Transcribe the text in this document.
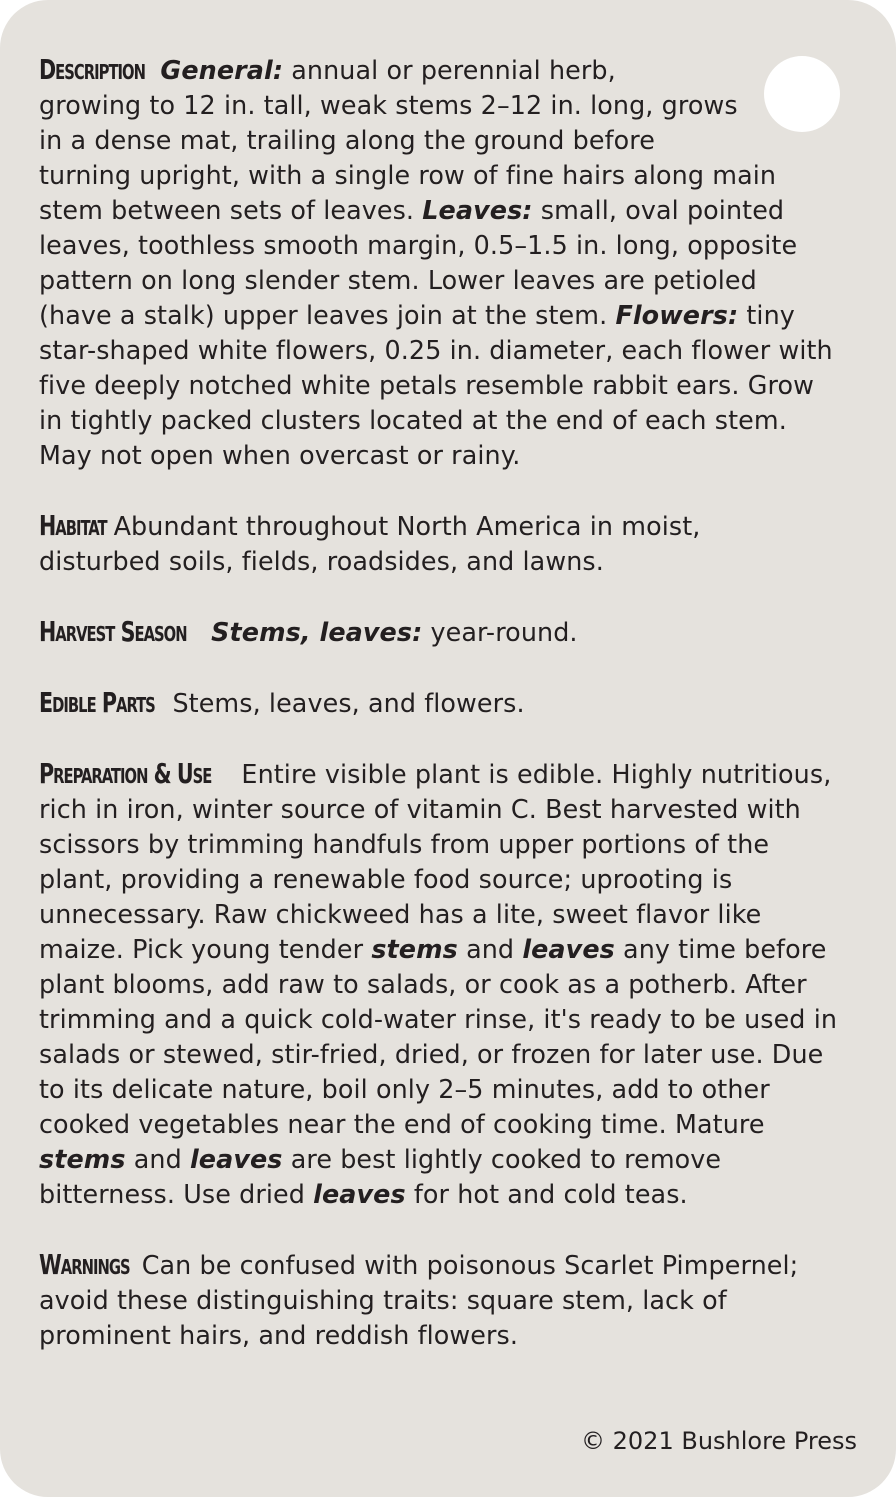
Description General: annual or perennial herb,
growing to 12 in. tall, weak stems 2–12 in. long, grows
in a dense mat, trailing along the ground before
turning upright, with a single row of fine hairs along main
stem between sets of leaves. Leaves: small, oval pointed
leaves, toothless smooth margin, 0.5–1.5 in. long, opposite
pattern on long slender stem. Lower leaves are petioled
(have a stalk) upper leaves join at the stem. Flowers: tiny
star-shaped white flowers, 0.25 in. diameter, each flower with
five deeply notched white petals resemble rabbit ears. Grow
in tightly packed clusters located at the end of each stem.
May not open when overcast or rainy.
Habitat Abundant throughout North America in moist,
disturbed soils, fields, roadsides, and lawns.
Harvest Season Stems, leaves: year-round.
Edible Parts Stems, leaves, and flowers.
Preparation & Use Entire visible plant is edible. Highly nutritious,
rich in iron, winter source of vitamin C. Best harvested with
scissors by trimming handfuls from upper portions of the
plant, providing a renewable food source; uprooting is
unnecessary. Raw chickweed has a lite, sweet flavor like
maize. Pick young tender stems and leaves any time before
plant blooms, add raw to salads, or cook as a potherb. After
trimming and a quick cold-water rinse, it's ready to be used in
salads or stewed, stir-fried, dried, or frozen for later use. Due
to its delicate nature, boil only 2–5 minutes, add to other
cooked vegetables near the end of cooking time. Mature
stems and leaves are best lightly cooked to remove
bitterness. Use dried leaves for hot and cold teas.
Warnings Can be confused with poisonous Scarlet Pimpernel;
avoid these distinguishing traits: square stem, lack of
prominent hairs, and reddish flowers.
© 2021 Bushlore Press
